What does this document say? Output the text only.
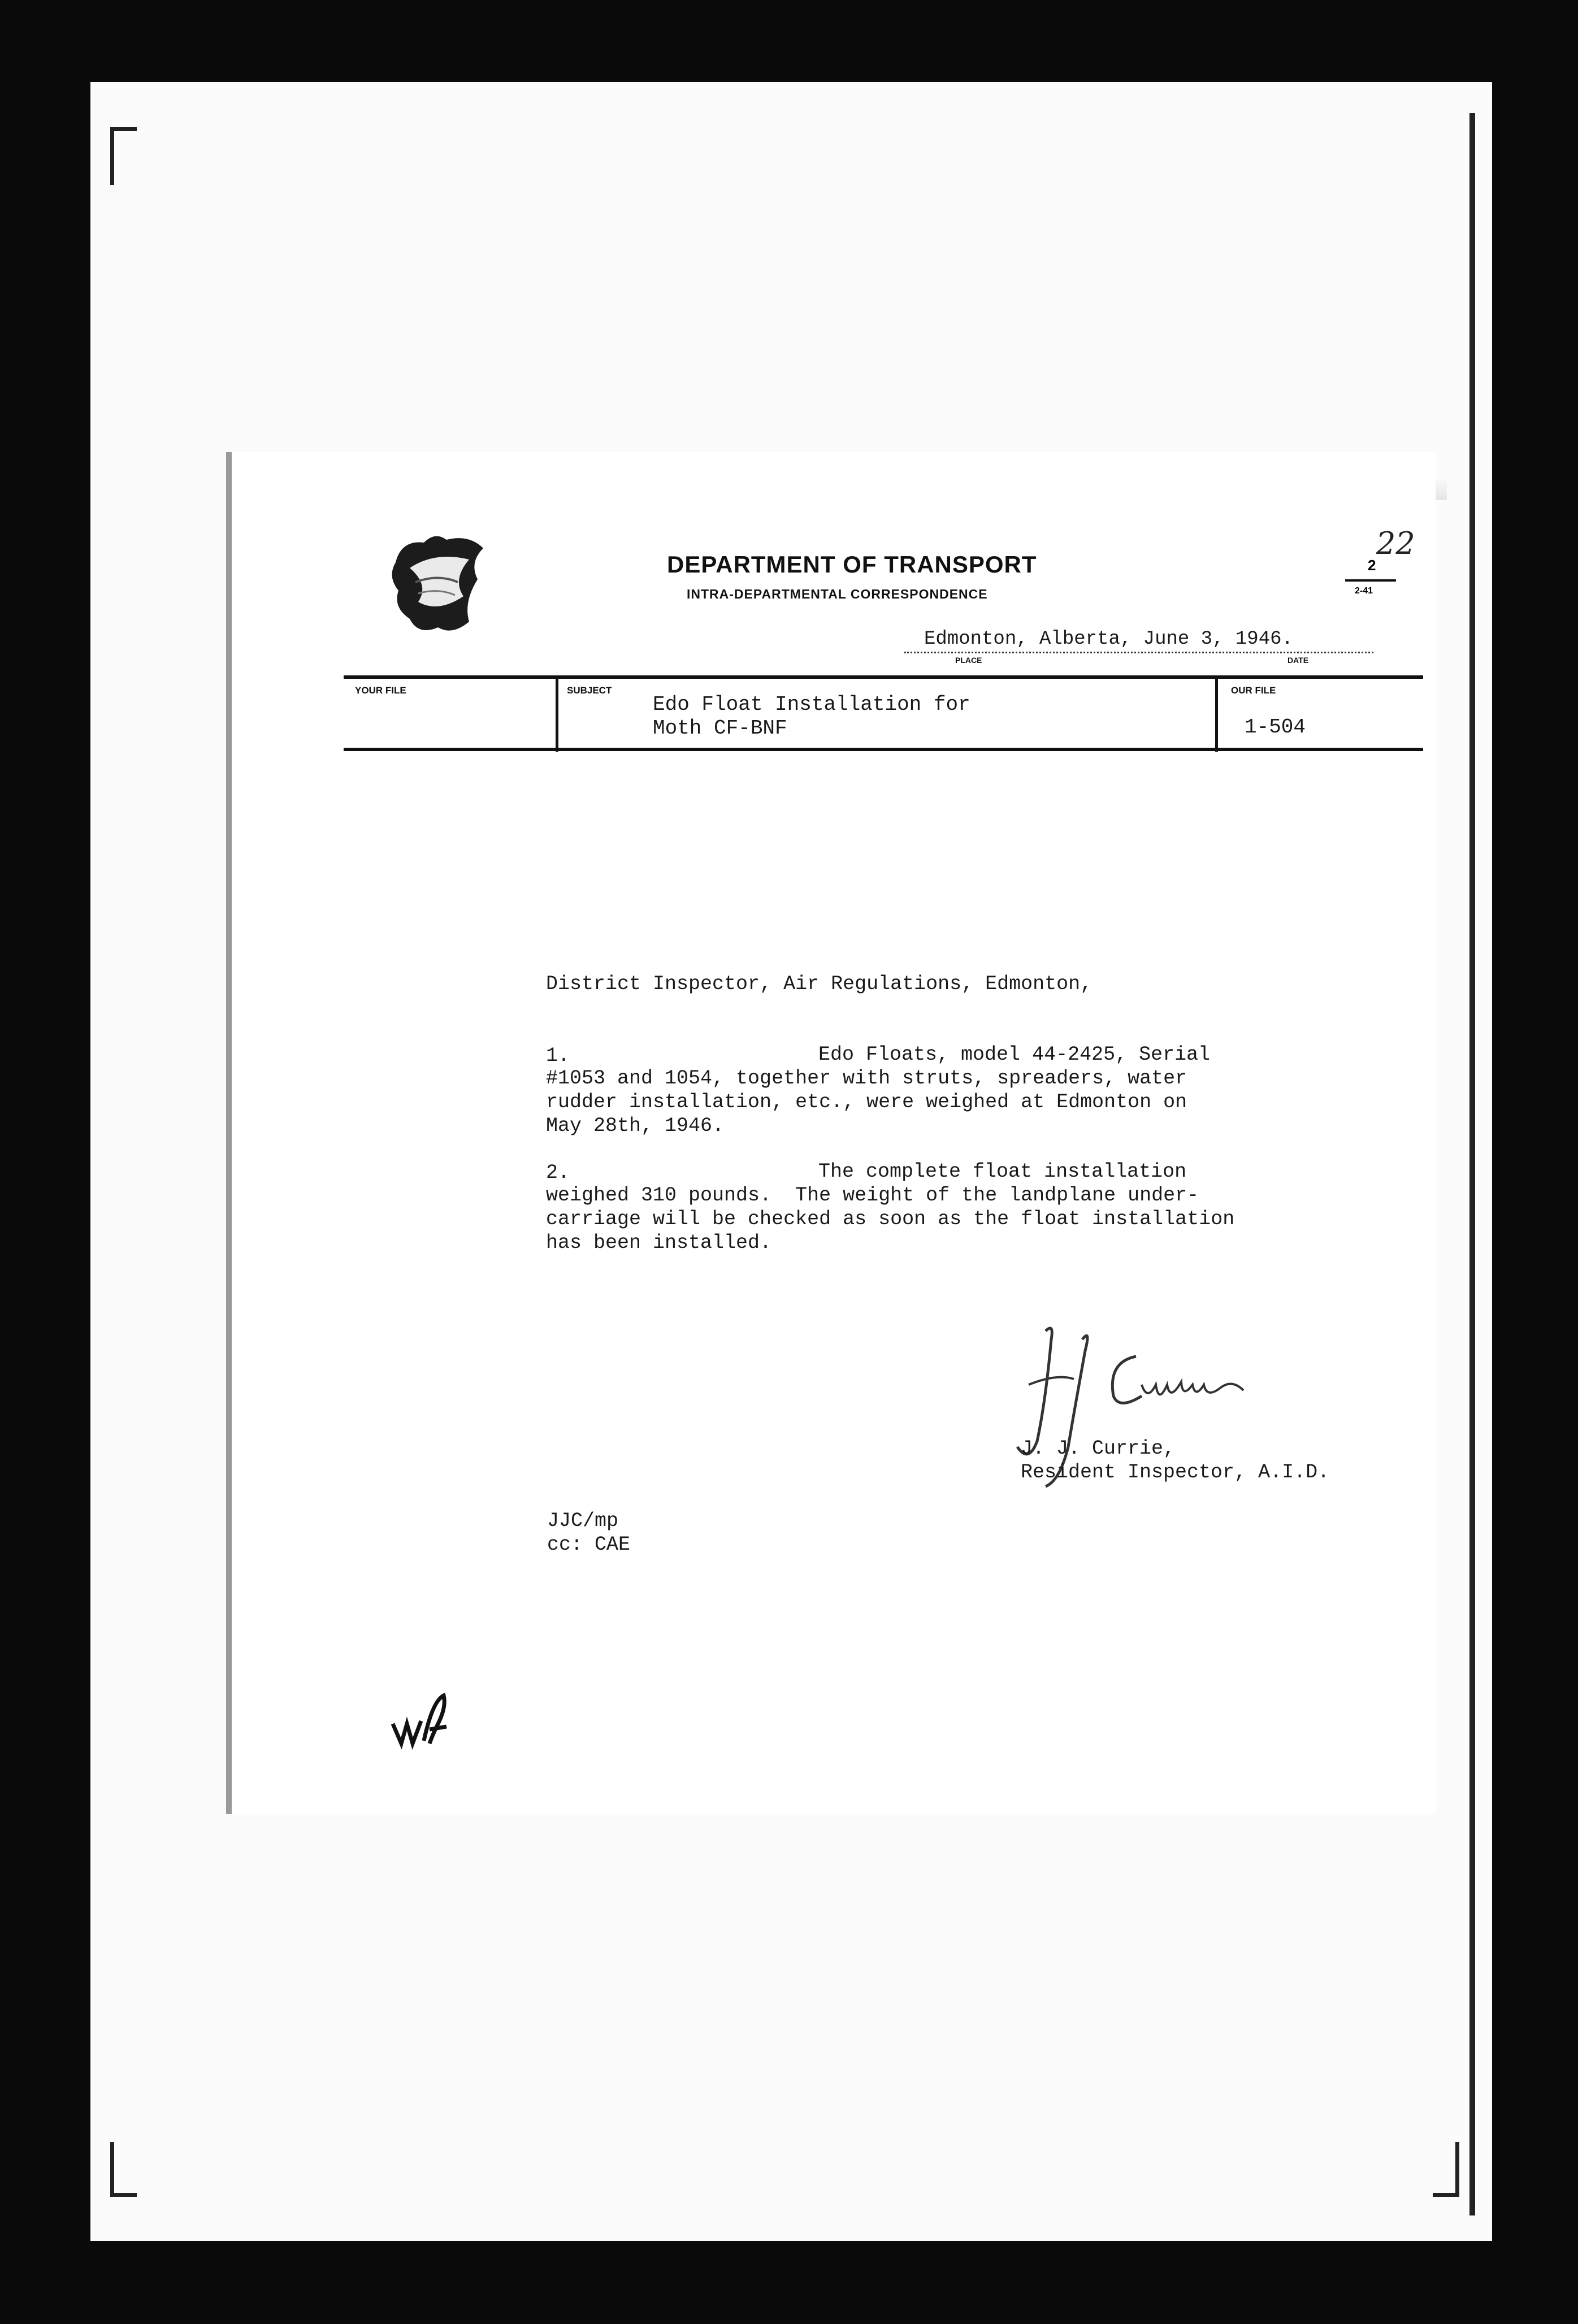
DEPARTMENT OF TRANSPORT
INTRA-DEPARTMENTAL CORRESPONDENCE
22
2
2-41
Edmonton, Alberta, June 3, 1946.
PLACE	DATE
YOUR FILE	SUBJECT
Edo Float Installation for
Moth CF-BNF
OUR FILE
1-504
District Inspector, Air Regulations, Edmonton,
1.	Edo Floats, model 44-2425, Serial
#1053 and 1054, together with struts, spreaders, water
rudder installation, etc., were weighed at Edmonton on
May 28th, 1946.
2.	The complete float installation
weighed 310 pounds.  The weight of the landplane under-
carriage will be checked as soon as the float installation
has been installed.
J. J. Currie,
Resident Inspector, A.I.D.
JJC/mp
cc: CAE
